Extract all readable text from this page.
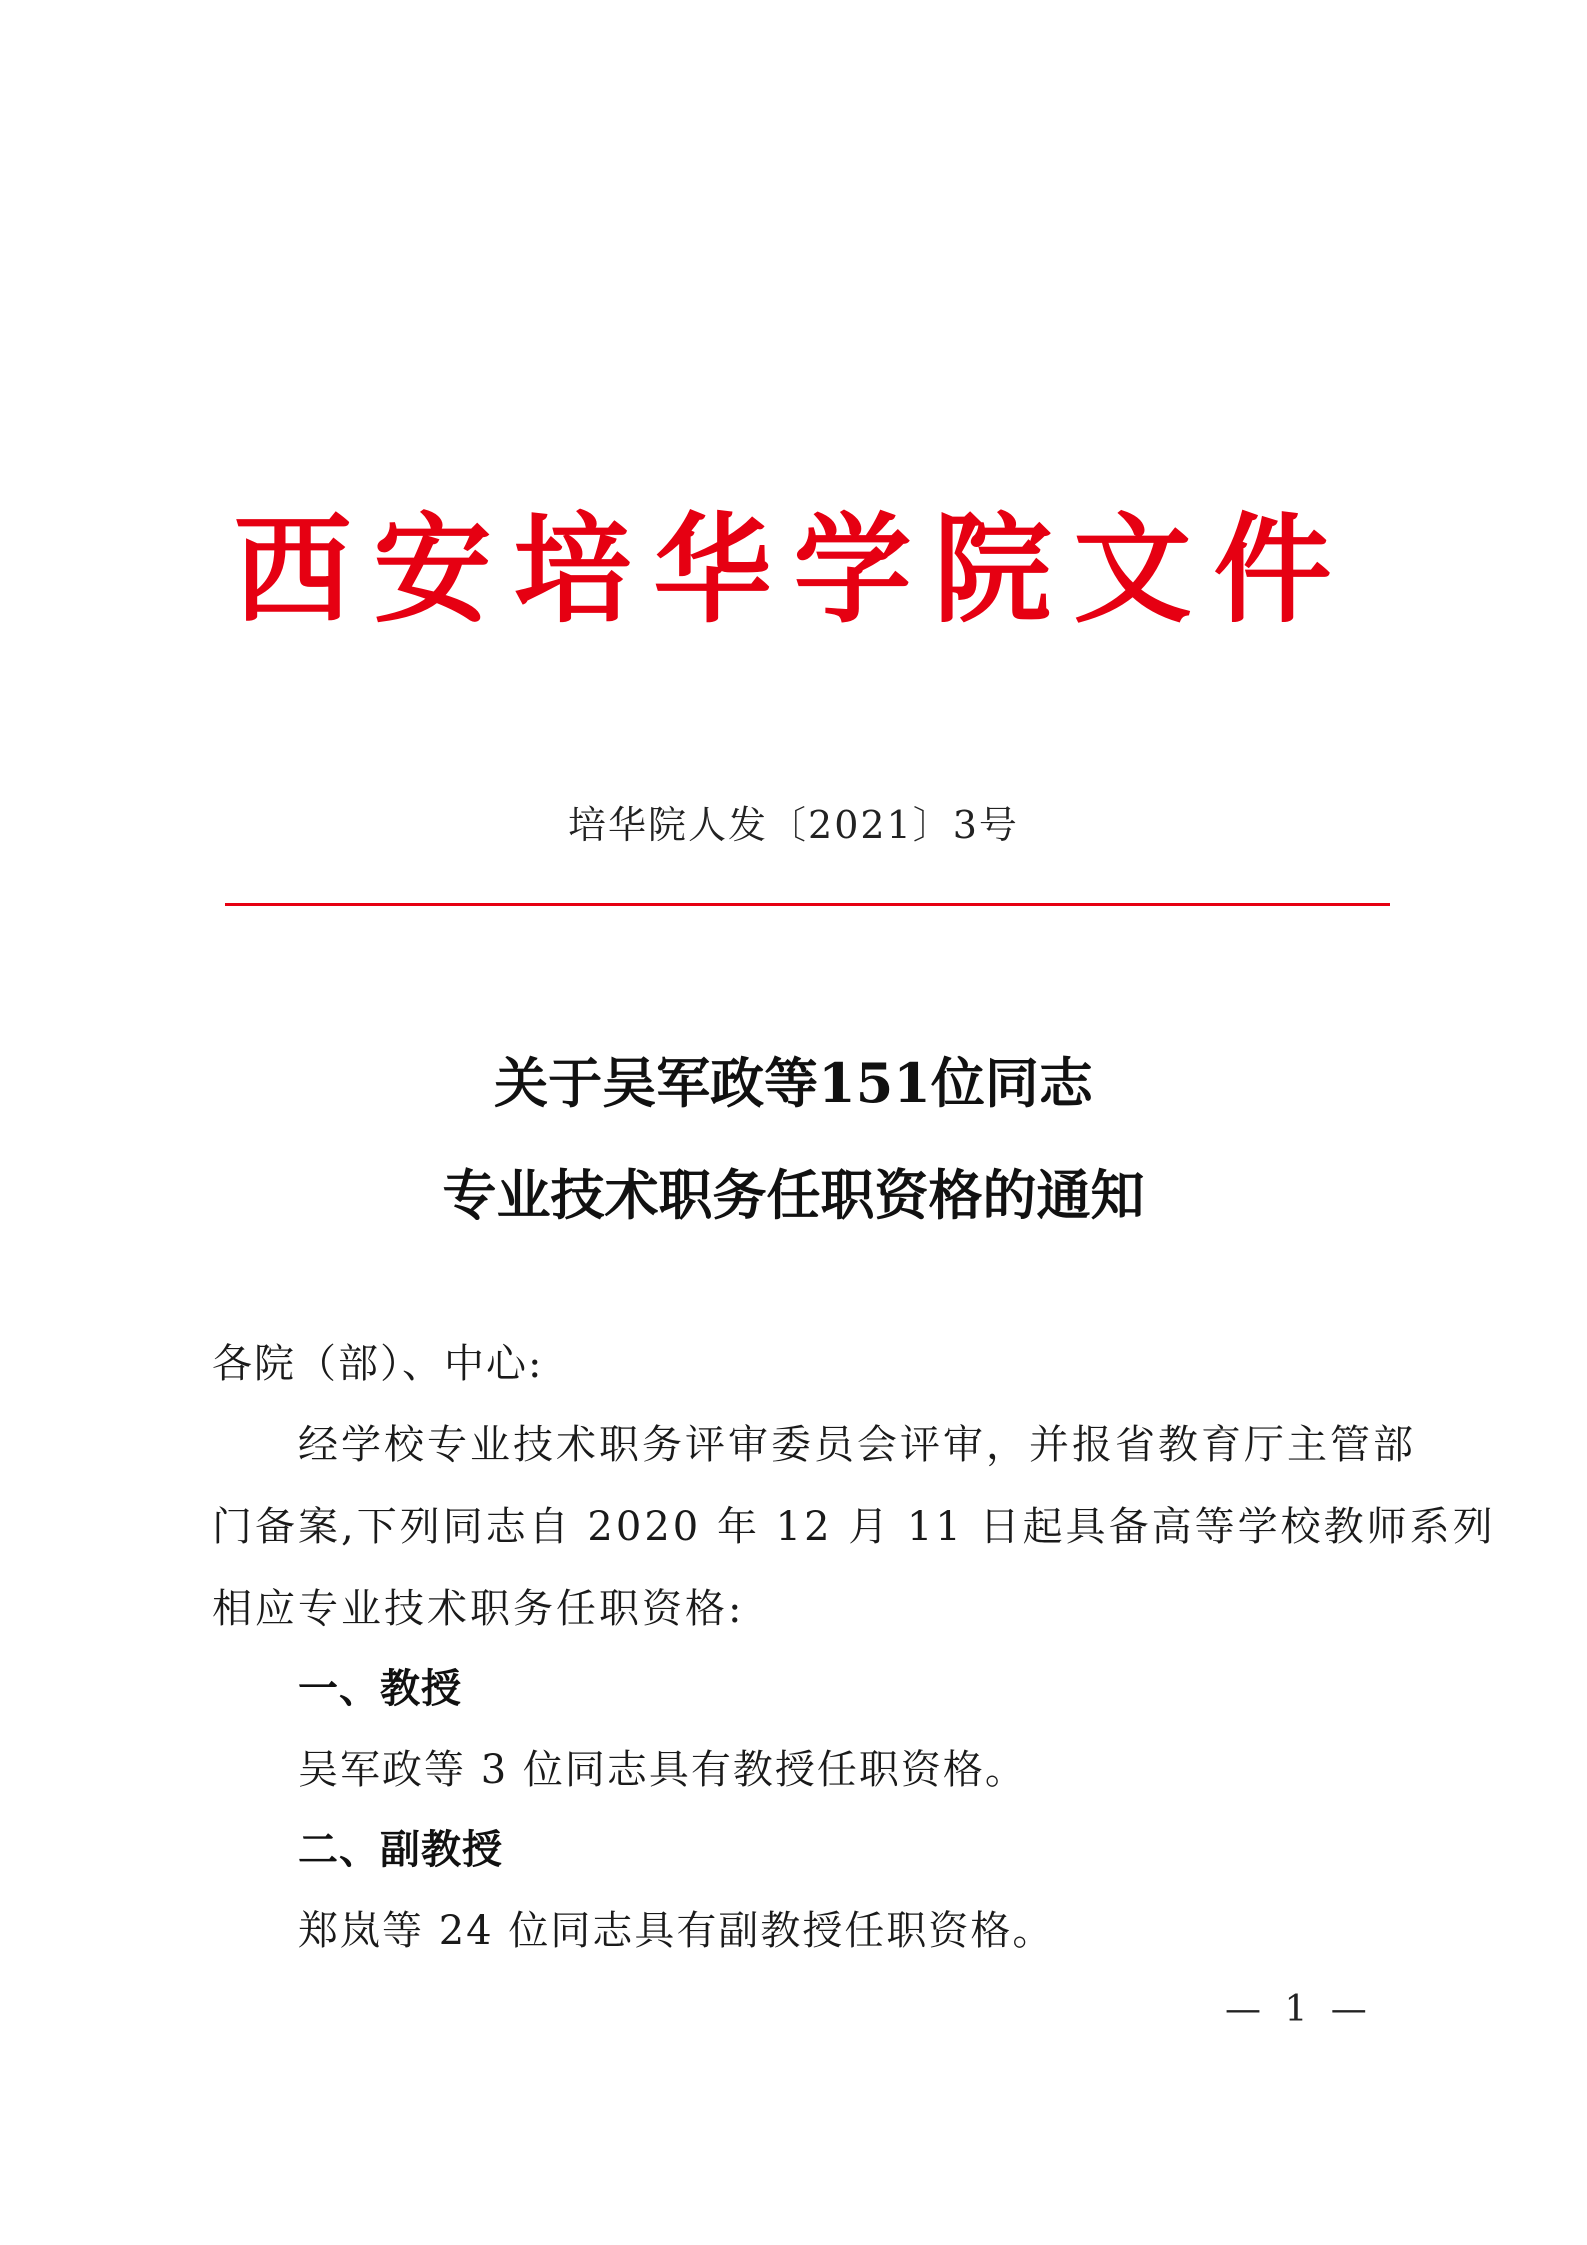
西安培华学院文件
培华院人发〔2021〕3号
关于吴军政等151位同志
专业技术职务任职资格的通知
各院（部）、中心:
经学校专业技术职务评审委员会评审，并报省教育厅主管部
门备案,下列同志自 2020 年 12 月 11 日起具备高等学校教师系列
相应专业技术职务任职资格:
一、教授
吴军政等 3 位同志具有教授任职资格。
二、副教授
郑岚等 24 位同志具有副教授任职资格。
— 1 —
